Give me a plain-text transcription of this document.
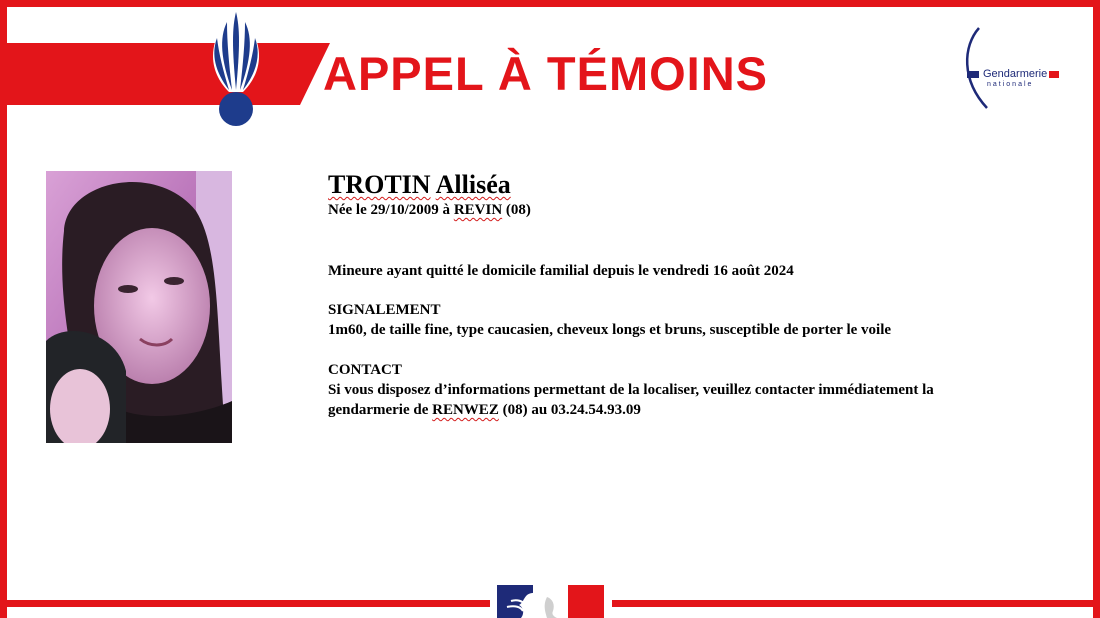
APPEL À TÉMOINS	Gendarmerie
nationale

TROTIN Alliséa

Née le 29/10/2009 à REVIN (08)

Mineure ayant quitté le domicile familial depuis le vendredi 16 août 2024

SIGNALEMENT

1m60, de taille fine, type caucasien, cheveux longs et bruns, susceptible de porter le voile

CONTACT

Si vous disposez d’informations permettant de la localiser, veuillez contacter immédiatement la

gendarmerie de RENWEZ (08) au 03.24.54.93.09
